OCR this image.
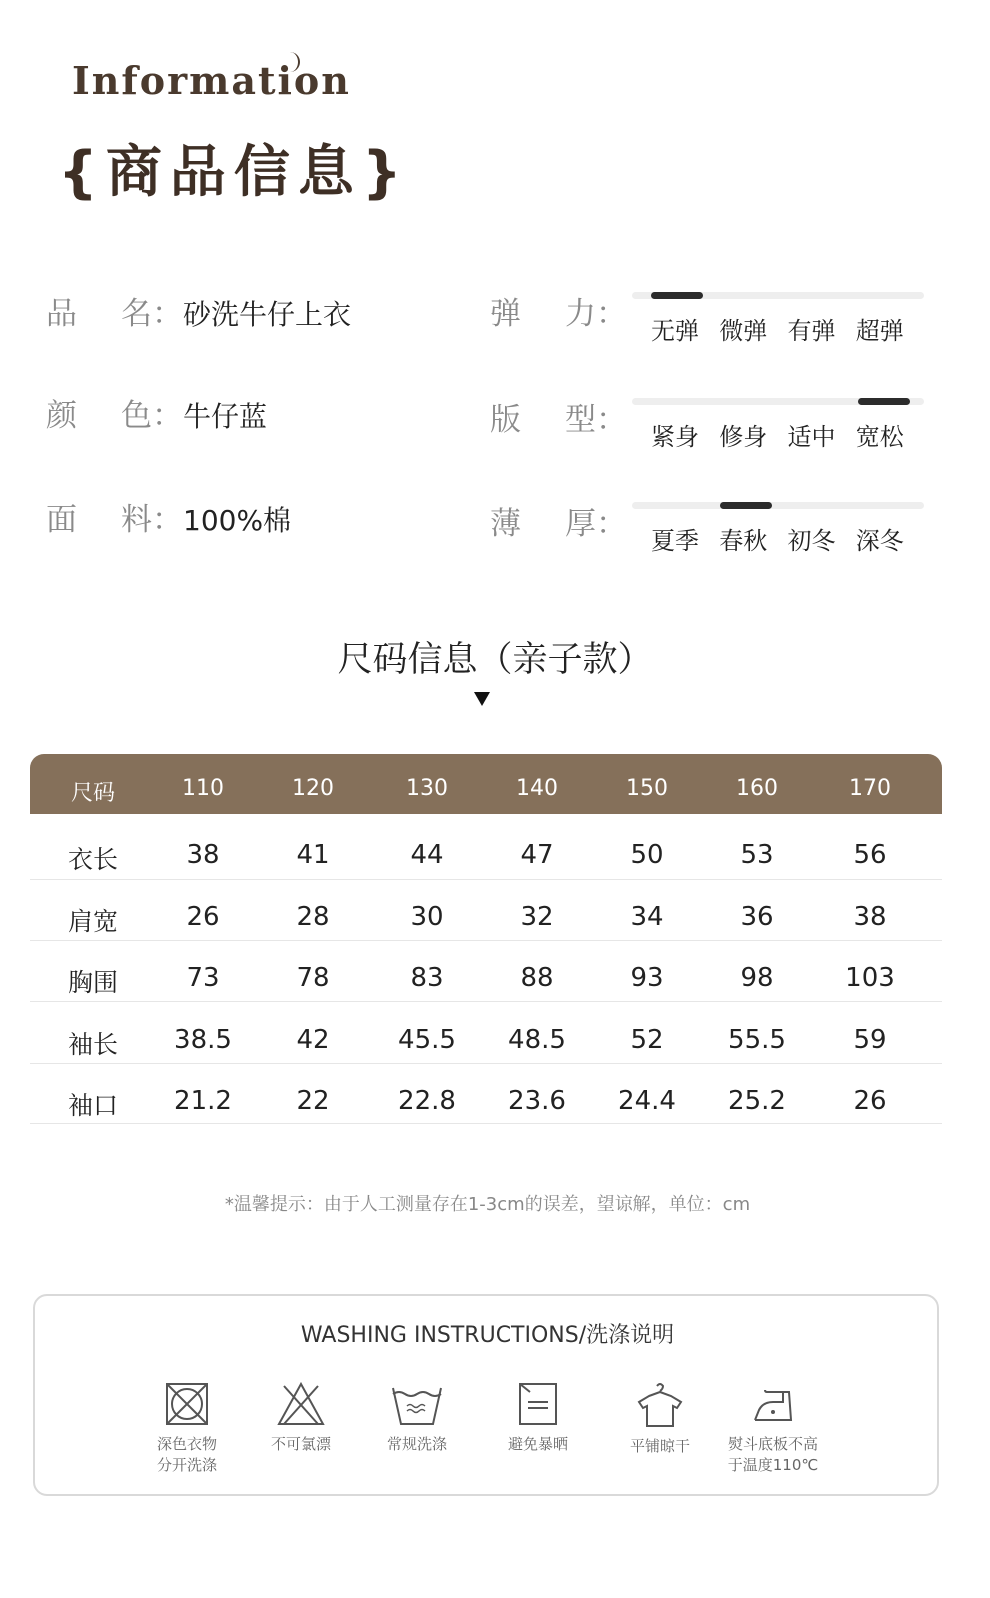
Information
{商品信息}
品 名：砂洗牛仔上衣
颜 色：牛仔蓝
面 料：100%棉
弹 力： 无弹 微弹 有弹 超弹
版 型： 紧身 修身 适中 宽松
薄 厚： 夏季 春秋 初冬 深冬
尺码信息（亲子款）
尺码	110	120	130	140	150	160	170
衣长	38	41	44	47	50	53	56
肩宽	26	28	30	32	34	36	38
胸围	73	78	83	88	93	98	103
袖长	38.5	42	45.5	48.5	52	55.5	59
袖口	21.2	22	22.8	23.6	24.4	25.2	26
*温馨提示：由于人工测量存在1-3cm的误差，望谅解，单位：cm
WASHING INSTRUCTIONS/洗涤说明
深色衣物
分开洗涤
不可氯漂	常规洗涤	避免暴晒	平铺晾干	熨斗底板不高
于温度110℃
